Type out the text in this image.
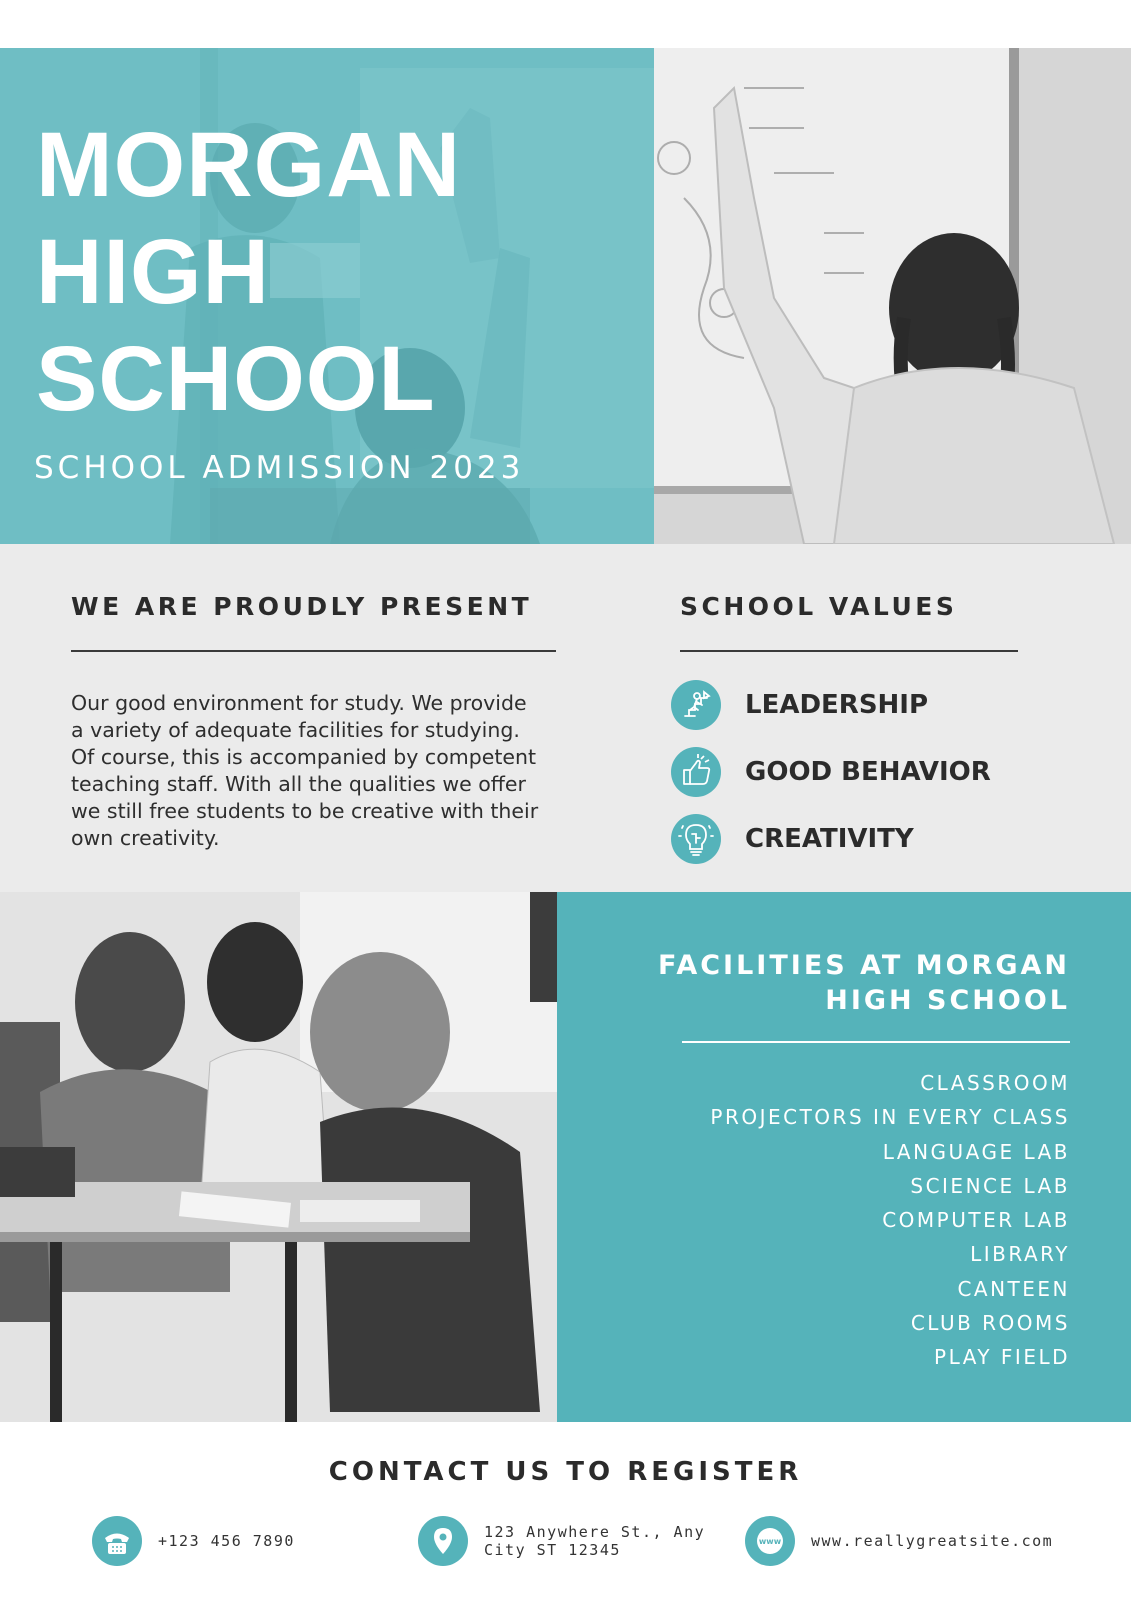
MORGAN
HIGH
SCHOOL
SCHOOL ADMISSION 2023
WE ARE PROUDLY PRESENT

Our good environment for study. We provide a variety of adequate facilities for studying. Of course, this is accompanied by competent teaching staff. With all the qualities we offer we still free students to be creative with their own creativity.

SCHOOL VALUES
LEADERSHIP
GOOD BEHAVIOR
CREATIVITY
FACILITIES AT MORGAN
HIGH SCHOOL
CLASSROOM
PROJECTORS IN EVERY CLASS
LANGUAGE LAB
SCIENCE LAB
COMPUTER LAB
LIBRARY
CANTEEN
CLUB ROOMS
PLAY FIELD
CONTACT US TO REGISTER
+123 456 7890	123 Anywhere St., Any
City ST 12345	www www.reallygreatsite.com
